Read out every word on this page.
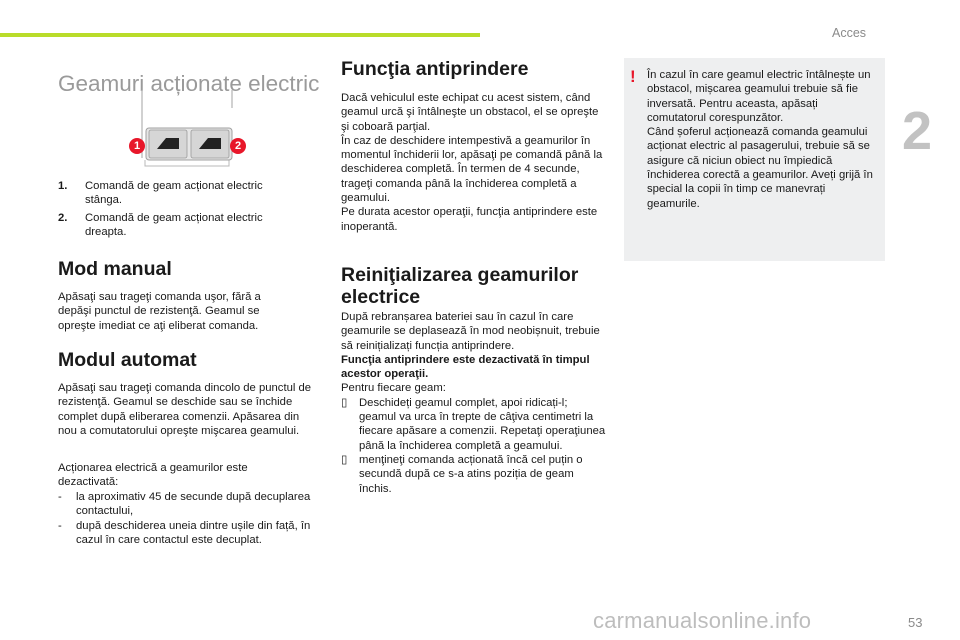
Acces
2
Geamuri acționate electric
1	2
1. Comandă de geam acționat electric stânga.
2. Comandă de geam acționat electric dreapta.
Mod manual

Apăsaţi sau trageţi comanda uşor, fără a depăşi punctul de rezistenţă. Geamul se opreşte imediat ce aţi eliberat comanda.

Modul automat

Apăsaţi sau trageţi comanda dincolo de punctul de rezistenţă. Geamul se deschide sau se închide complet după eliberarea comenzii. Apăsarea din nou a comutatorului opreşte mişcarea geamului.

Acționarea electrică a geamurilor este dezactivată:

- la aproximativ 45 de secunde după decuplarea contactului,
- după deschiderea uneia dintre ușile din față, în cazul în care contactul este decuplat.
Funcţia antiprindere

Dacă vehiculul este echipat cu acest sistem, când geamul urcă şi întâlneşte un obstacol, el se opreşte şi coboară parţial.
În caz de deschidere intempestivă a geamurilor în momentul închiderii lor, apăsaţi pe comandă până la deschiderea completă. În termen de 4 secunde, trageţi comanda până la închiderea completă a geamului.
Pe durata acestor operaţii, funcţia antiprindere este inoperantă.

Reiniţializarea geamurilor electrice
După rebranșarea bateriei sau în cazul în care geamurile se deplasează în mod neobișnuit, trebuie să reinițializați funcția antiprindere.
Funcţia antiprindere este dezactivată în timpul acestor operaţii.
Pentru fiecare geam:
▯ Deschideți geamul complet, apoi ridicați-l; geamul va urca în trepte de câţiva centimetri la fiecare apăsare a comenzii. Repetaţi operaţiunea până la închiderea completă a geamului.
▯ menţineţi comanda acționată încă cel puțin o secundă după ce s-a atins poziția de geam închis.
! În cazul în care geamul electric întâlnește un obstacol, mișcarea geamului trebuie să fie inversată. Pentru aceasta, apăsați comutatorul corespunzător.
Când șoferul acționează comanda geamului acționat electric al pasagerului, trebuie să se asigure că niciun obiect nu împiedică închiderea corectă a geamurilor. Aveți grijă în special la copii în timp ce manevrați geamurile.
carmanualsonline.info	53
